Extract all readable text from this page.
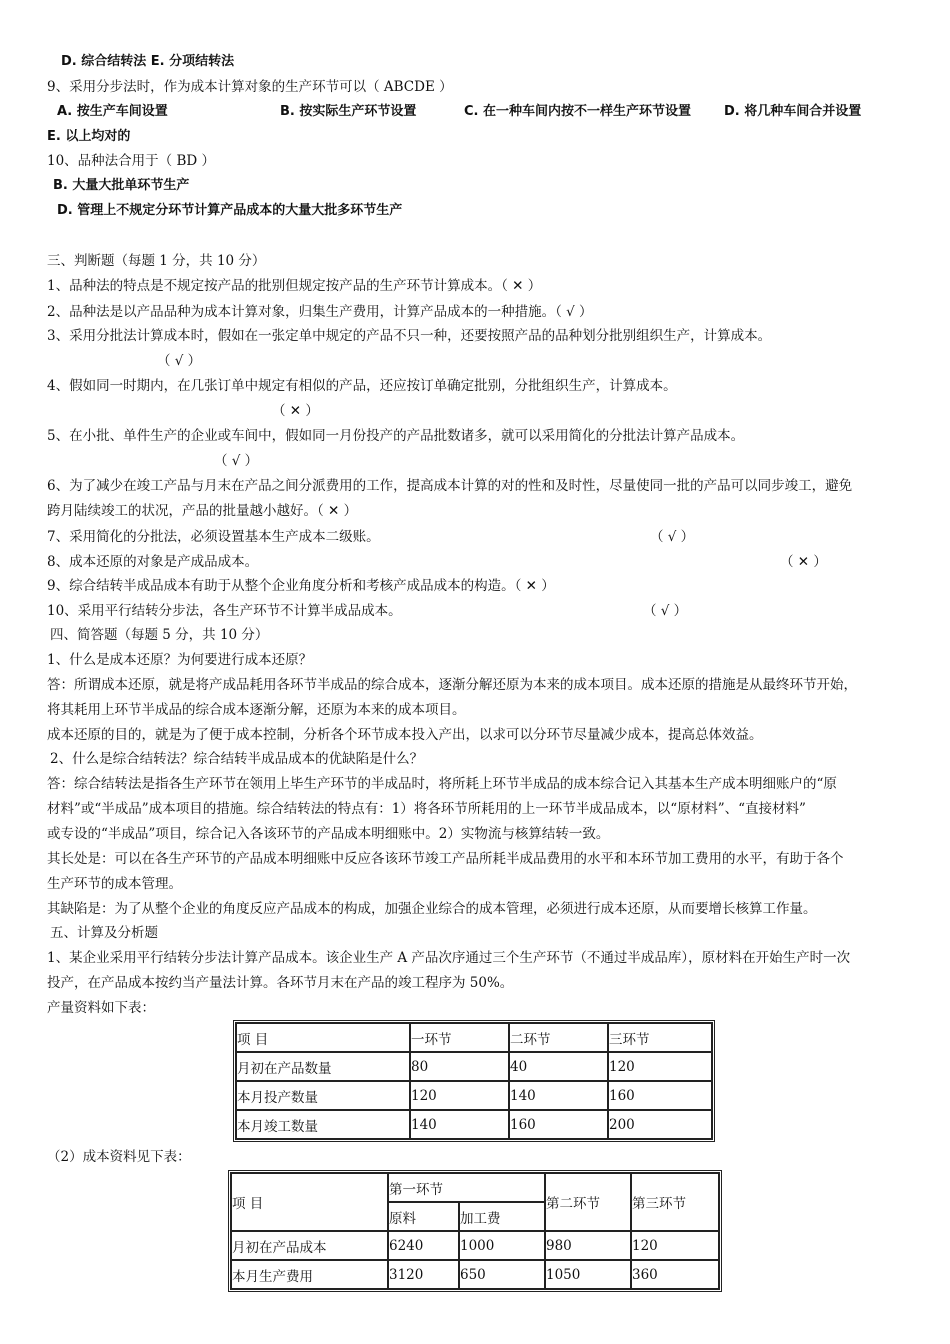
D. 综合结转法 E. 分项结转法
9、采用分步法时，作为成本计算对象的生产环节可以（ ABCDE ）
A. 按生产车间设置	B. 按实际生产环节设置	C. 在一种车间内按不一样生产环节设置	D. 将几种车间合并设置
E. 以上均对的
10、品种法合用于（ BD ）
B. 大量大批单环节生产
D. 管理上不规定分环节计算产品成本的大量大批多环节生产
三、判断题（每题 1 分，共 10 分）
1、品种法的特点是不规定按产品的批别但规定按产品的生产环节计算成本。（ ✕ ）
2、品种法是以产品品种为成本计算对象，归集生产费用，计算产品成本的一种措施。（ √ ）
3、采用分批法计算成本时，假如在一张定单中规定的产品不只一种，还要按照产品的品种划分批别组织生产，计算成本。
（ √ ）
4、假如同一时期内，在几张订单中规定有相似的产品，还应按订单确定批别，分批组织生产，计算成本。
（ ✕ ）
5、在小批、单件生产的企业或车间中，假如同一月份投产的产品批数诸多，就可以采用简化的分批法计算产品成本。
（ √ ）
6、为了减少在竣工产品与月末在产品之间分派费用的工作，提高成本计算的对的性和及时性，尽量使同一批的产品可以同步竣工，避免
跨月陆续竣工的状况，产品的批量越小越好。（ ✕ ）
7、采用简化的分批法，必须设置基本生产成本二级账。	（ √ ）
8、成本还原的对象是产成品成本。	（ ✕ ）
9、综合结转半成品成本有助于从整个企业角度分析和考核产成品成本的构造。（ ✕ ）
10、采用平行结转分步法，各生产环节不计算半成品成本。	（ √ ）
四、简答题（每题 5 分，共 10 分）
1、什么是成本还原？为何要进行成本还原？
答：所谓成本还原，就是将产成品耗用各环节半成品的综合成本，逐渐分解还原为本来的成本项目。成本还原的措施是从最终环节开始，
将其耗用上环节半成品的综合成本逐渐分解，还原为本来的成本项目。
成本还原的目的，就是为了便于成本控制，分析各个环节成本投入产出，以求可以分环节尽量减少成本，提高总体效益。
2、什么是综合结转法？综合结转半成品成本的优缺陷是什么？
答：综合结转法是指各生产环节在领用上毕生产环节的半成品时，将所耗上环节半成品的成本综合记入其基本生产成本明细账户的“原
材料”或“半成品”成本项目的措施。综合结转法的特点有：1）将各环节所耗用的上一环节半成品成本，以“原材料”、“直接材料”
或专设的“半成品”项目，综合记入各该环节的产品成本明细账中。2）实物流与核算结转一致。
其长处是：可以在各生产环节的产品成本明细账中反应各该环节竣工产品所耗半成品费用的水平和本环节加工费用的水平，有助于各个
生产环节的成本管理。
其缺陷是：为了从整个企业的角度反应产品成本的构成，加强企业综合的成本管理，必须进行成本还原，从而要增长核算工作量。
五、计算及分析题
1、某企业采用平行结转分步法计算产品成本。该企业生产 A 产品次序通过三个生产环节（不通过半成品库），原材料在开始生产时一次
投产，在产品成本按约当产量法计算。各环节月末在产品的竣工程序为 50%。
产量资料如下表：
项 目	一环节	二环节	三环节
月初在产品数量	80	40	120
本月投产数量	120	140	160
本月竣工数量	140	160	200
（2）成本资料见下表：
项 目	第一环节		第二环节	第三环节
	原料	加工费		
月初在产品成本	6240	1000	980	120
本月生产费用	3120	650	1050	360
